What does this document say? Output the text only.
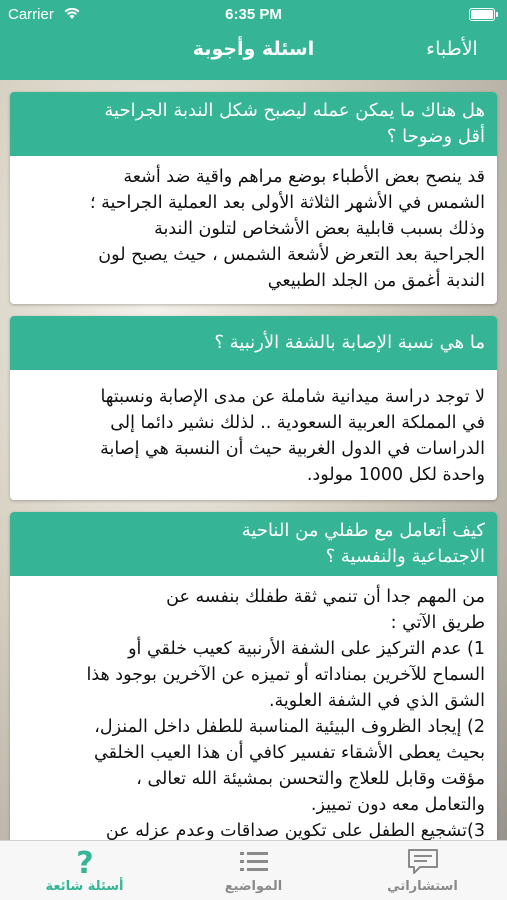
Carrier	6:35 PM
اسئلة وأجوبة	الأطباء
هل هناك ما يمكن عمله ليصبح شكل الندبة الجراحية
أقل وضوحا ؟
قد ينصح بعض الأطباء بوضع مراهم واقية ضد أشعة
الشمس في الأشهر الثلاثة الأولى بعد العملية الجراحية ؛
وذلك بسبب قابلية بعض الأشخاص لتلون الندبة
الجراحية بعد التعرض لأشعة الشمس ، حيث يصبح لون
الندبة أغمق من الجلد الطبيعي
ما هي نسبة الإصابة بالشفة الأرنبية ؟
لا توجد دراسة ميدانية شاملة عن مدى الإصابة ونسبتها
في المملكة العربية السعودية .. لذلك نشير دائما إلى
الدراسات في الدول الغربية حيث أن النسبة هي إصابة
واحدة لكل 1000 مولود.
كيف أتعامل مع طفلي من الناحية
الاجتماعية والنفسية ؟
من المهم جدا أن تنمي ثقة طفلك بنفسه عن
طريق الآتي :
1) عدم التركيز على الشفة الأرنبية كعيب خلقي أو
السماح للآخرين بمناداته أو تميزه عن الآخرين بوجود هذا
الشق الذي في الشفة العلوية.
2) إيجاد الظروف البيئية المناسبة للطفل داخل المنزل،
بحيث يعطى الأشقاء تفسير كافي أن هذا العيب الخلقي
مؤقت وقابل للعلاج والتحسن بمشيئة الله تعالى ،
والتعامل معه دون تمييز.
3)تشجيع الطفل على تكوين صداقات وعدم عزله عن
?
أسئلة شائعة	المواضيع	استشاراتي
